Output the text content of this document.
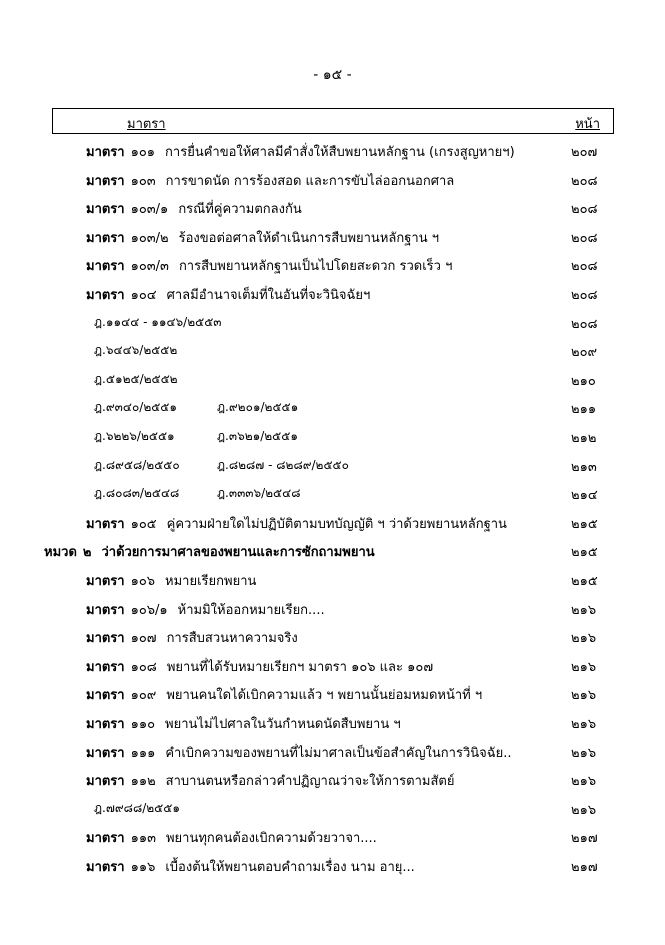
- ๑๕ -
มาตรา	หน้า
มาตรา ๑๐๑ การยื่นคำขอให้ศาลมีคำสั่งให้สืบพยานหลักฐาน (เกรงสูญหายฯ)	๒๐๗
มาตรา ๑๐๓ การขาดนัด การร้องสอด และการขับไล่ออกนอกศาล	๒๐๘
มาตรา ๑๐๓/๑ กรณีที่คู่ความตกลงกัน	๒๐๘
มาตรา ๑๐๓/๒ ร้องขอต่อศาลให้ดำเนินการสืบพยานหลักฐาน ฯ	๒๐๘
มาตรา ๑๐๓/๓ การสืบพยานหลักฐานเป็นไปโดยสะดวก รวดเร็ว ฯ	๒๐๘
มาตรา ๑๐๔ ศาลมีอำนาจเต็มที่ในอันที่จะวินิจฉัยฯ	๒๐๘
ฎ.๑๑๔๔ - ๑๑๔๖/๒๕๕๓	๒๐๘
ฎ.๖๔๔๖/๒๕๕๒	๒๐๙
ฎ.๕๑๒๕/๒๕๕๒	๒๑๐
ฎ.๙๓๔๐/๒๕๕๑	ฎ.๙๒๐๑/๒๕๕๑	๒๑๑
ฎ.๖๒๒๖/๒๕๕๑	ฎ.๓๖๒๑/๒๕๕๑	๒๑๒
ฎ.๘๙๕๘/๒๕๕๐	ฎ.๘๒๘๗ - ๘๒๘๙/๒๕๕๐	๒๑๓
ฎ.๘๐๘๓/๒๕๔๘	ฎ.๓๓๓๖/๒๕๔๘	๒๑๔
มาตรา ๑๐๕ คู่ความฝ่ายใดไม่ปฏิบัติตามบทบัญญัติ ฯ ว่าด้วยพยานหลักฐาน	๒๑๕
หมวด ๒ ว่าด้วยการมาศาลของพยานและการซักถามพยาน	๒๑๕
มาตรา ๑๐๖ หมายเรียกพยาน	๒๑๕
มาตรา ๑๐๖/๑ ห้ามมิให้ออกหมายเรียก....	๒๑๖
มาตรา ๑๐๗ การสืบสวนหาความจริง	๒๑๖
มาตรา ๑๐๘ พยานที่ได้รับหมายเรียกฯ มาตรา ๑๐๖ และ ๑๐๗	๒๑๖
มาตรา ๑๐๙ พยานคนใดได้เบิกความแล้ว ฯ พยานนั้นย่อมหมดหน้าที่ ฯ	๒๑๖
มาตรา ๑๑๐ พยานไม่ไปศาลในวันกำหนดนัดสืบพยาน ฯ	๒๑๖
มาตรา ๑๑๑ คำเบิกความของพยานที่ไม่มาศาลเป็นข้อสำคัญในการวินิจฉัย..	๒๑๖
มาตรา ๑๑๒ สาบานตนหรือกล่าวคำปฏิญาณว่าจะให้การตามสัตย์	๒๑๖
ฎ.๗๙๘๘/๒๕๕๑	๒๑๖
มาตรา ๑๑๓ พยานทุกคนต้องเบิกความด้วยวาจา....	๒๑๗
มาตรา ๑๑๖ เบื้องต้นให้พยานตอบคำถามเรื่อง นาม อายุ...	๒๑๗
